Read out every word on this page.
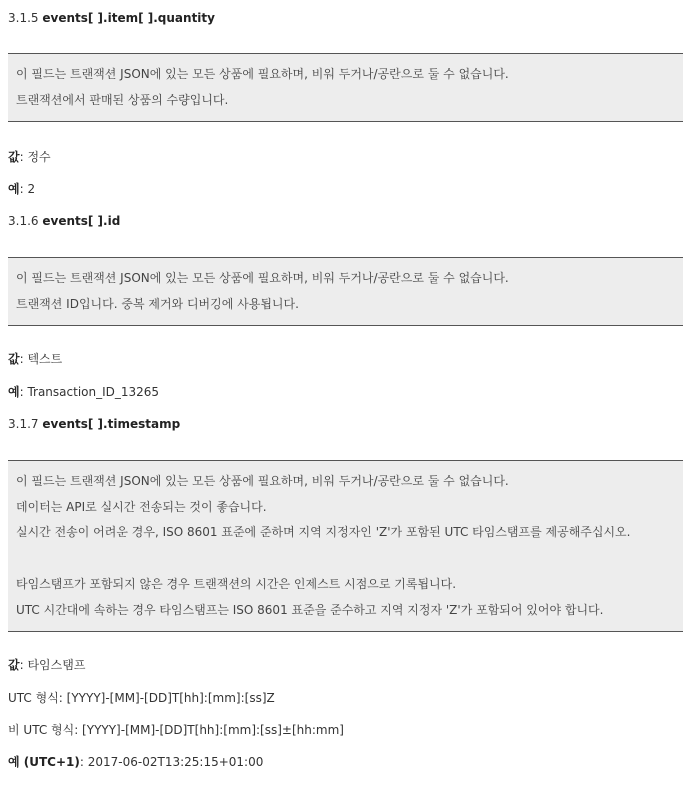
3.1.5 events[ ].item[ ].quantity
이 필드는 트랜잭션 JSON에 있는 모든 상품에 필요하며, 비워 두거나/공란으로 둘 수 없습니다.
트랜잭션에서 판매된 상품의 수량입니다.
값: 정수
예: 2
3.1.6 events[ ].id
이 필드는 트랜잭션 JSON에 있는 모든 상품에 필요하며, 비워 두거나/공란으로 둘 수 없습니다.
트랜잭션 ID입니다. 중복 제거와 디버깅에 사용됩니다.
값: 텍스트
예: Transaction_ID_13265
3.1.7 events[ ].timestamp
이 필드는 트랜잭션 JSON에 있는 모든 상품에 필요하며, 비워 두거나/공란으로 둘 수 없습니다.
데이터는 API로 실시간 전송되는 것이 좋습니다.
실시간 전송이 어려운 경우, ISO 8601 표준에 준하며 지역 지정자인 'Z'가 포함된 UTC 타임스탬프를 제공해주십시오.
타임스탬프가 포함되지 않은 경우 트랜잭션의 시간은 인제스트 시점으로 기록됩니다.
UTC 시간대에 속하는 경우 타임스탬프는 ISO 8601 표준을 준수하고 지역 지정자 'Z'가 포함되어 있어야 합니다.
값: 타임스탬프
UTC 형식: [YYYY]-[MM]-[DD]T[hh]:[mm]:[ss]Z
비 UTC 형식: [YYYY]-[MM]-[DD]T[hh]:[mm]:[ss]±[hh:mm]
예 (UTC+1): 2017-06-02T13:25:15+01:00
